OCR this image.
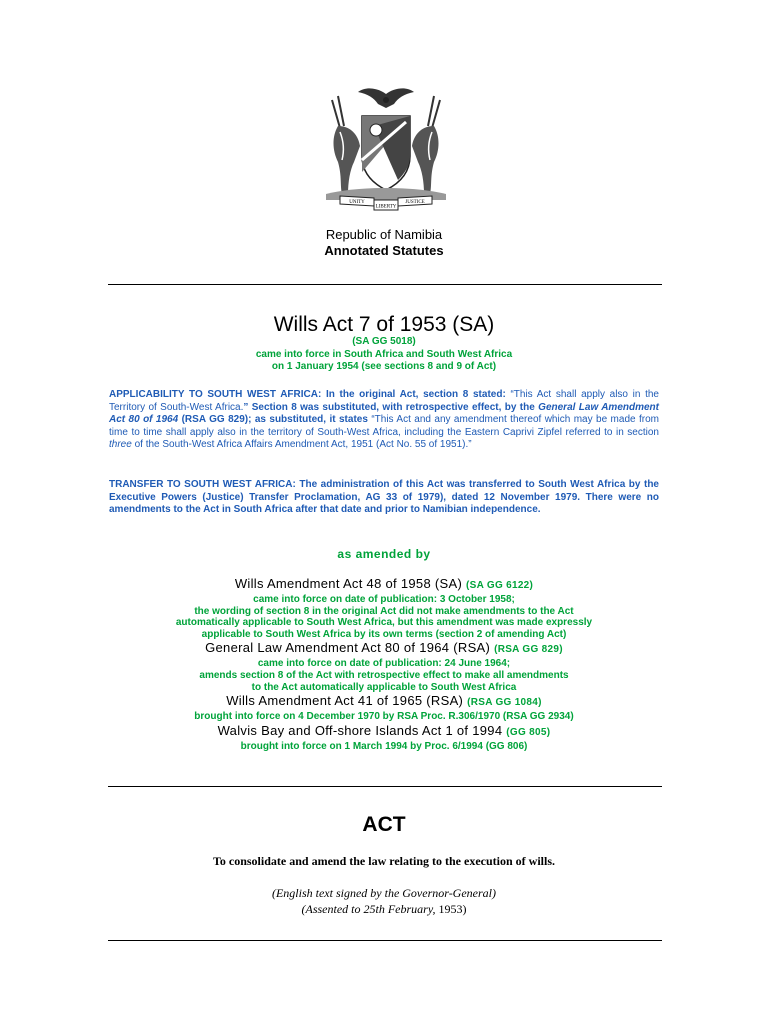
UNITY
LIBERTY
JUSTICE
Republic of Namibia
Annotated Statutes
Wills Act 7 of 1953 (SA)
(SA GG 5018)
came into force in South Africa and South West Africa
on 1 January 1954 (see sections 8 and 9 of Act)
APPLICABILITY TO SOUTH WEST AFRICA: In the original Act, section 8 stated: “This Act shall apply also in the Territory of South-West Africa.” Section 8 was substituted, with retrospective effect, by the General Law Amendment Act 80 of 1964 (RSA GG 829); as substituted, it states “This Act and any amendment thereof which may be made from time to time shall apply also in the territory of South-West Africa, including the Eastern Caprivi Zipfel referred to in section three of the South-West Africa Affairs Amendment Act, 1951 (Act No. 55 of 1951).”
TRANSFER TO SOUTH WEST AFRICA: The administration of this Act was transferred to South West Africa by the Executive Powers (Justice) Transfer Proclamation, AG 33 of 1979), dated 12 November 1979. There were no amendments to the Act in South Africa after that date and prior to Namibian independence.
as amended by
Wills Amendment Act 48 of 1958 (SA) (SA GG 6122)
came into force on date of publication: 3 October 1958;
the wording of section 8 in the original Act did not make amendments to the Act
automatically applicable to South West Africa, but this amendment was made expressly
applicable to South West Africa by its own terms (section 2 of amending Act)
General Law Amendment Act 80 of 1964 (RSA) (RSA GG 829)
came into force on date of publication: 24 June 1964;
amends section 8 of the Act with retrospective effect to make all amendments
to the Act automatically applicable to South West Africa
Wills Amendment Act 41 of 1965 (RSA) (RSA GG 1084)
brought into force on 4 December 1970 by RSA Proc. R.306/1970 (RSA GG 2934)
Walvis Bay and Off-shore Islands Act 1 of 1994 (GG 805)
brought into force on 1 March 1994 by Proc. 6/1994 (GG 806)
ACT
To consolidate and amend the law relating to the execution of wills.
(English text signed by the Governor-General)
(Assented to 25th February, 1953)
